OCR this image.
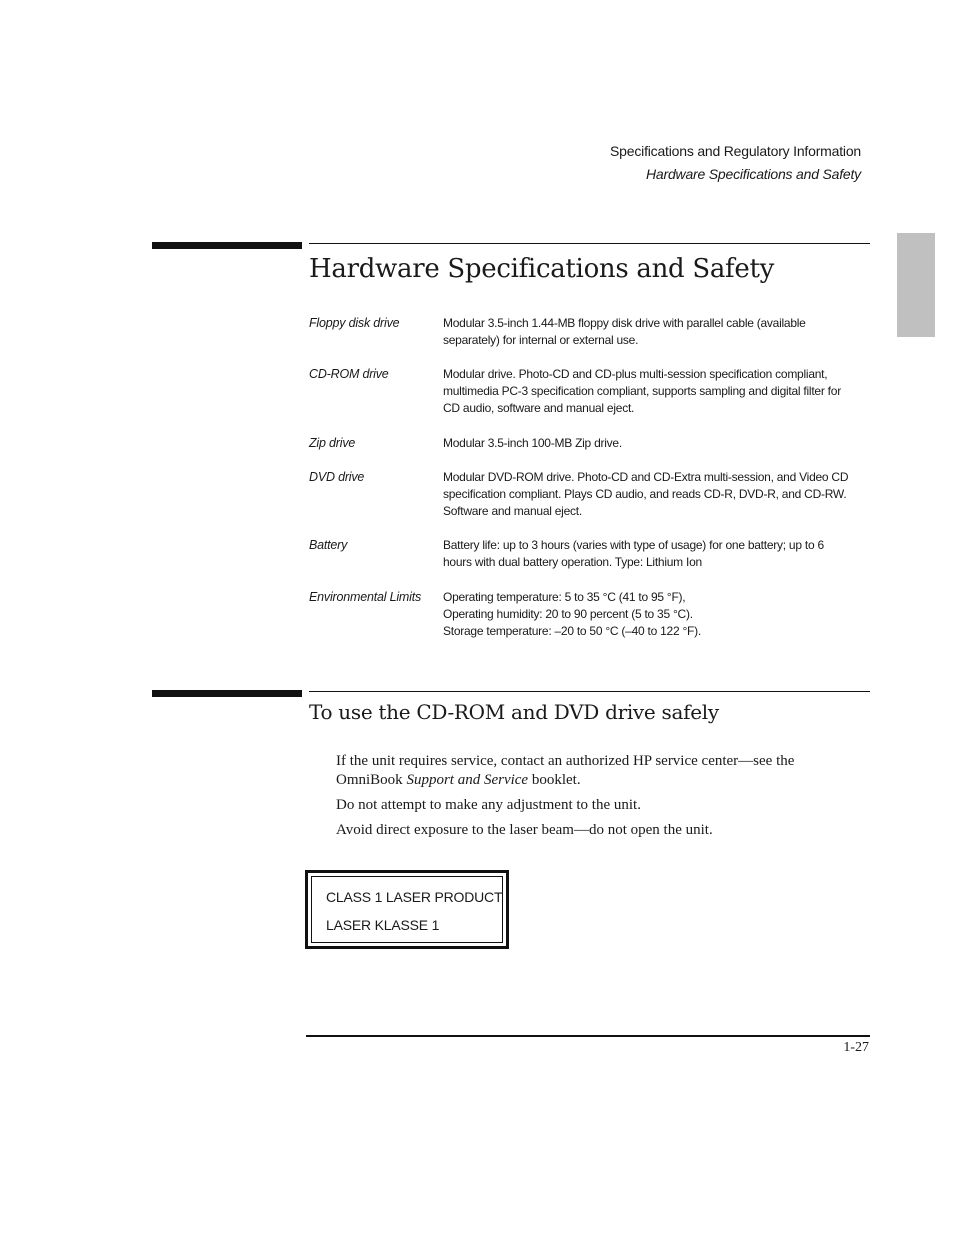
Specifications and Regulatory Information
Hardware Specifications and Safety
Hardware Specifications and Safety
Floppy disk drive	Modular 3.5-inch 1.44-MB floppy disk drive with parallel cable (available
separately) for internal or external use.
CD-ROM drive	Modular drive. Photo-CD and CD-plus multi-session specification compliant,
multimedia PC-3 specification compliant, supports sampling and digital filter for
CD audio, software and manual eject.
Zip drive	Modular 3.5-inch 100-MB Zip drive.
DVD drive	Modular DVD-ROM drive. Photo-CD and CD-Extra multi-session, and Video CD
specification compliant. Plays CD audio, and reads CD-R, DVD-R, and CD-RW.
Software and manual eject.
Battery	Battery life: up to 3 hours (varies with type of usage) for one battery; up to 6
hours with dual battery operation. Type: Lithium Ion
Environmental Limits	Operating temperature: 5 to 35 °C (41 to 95 °F),
Operating humidity: 20 to 90 percent (5 to 35 °C).
Storage temperature: –20 to 50 °C (–40 to 122 °F).
To use the CD-ROM and DVD drive safely
If the unit requires service, contact an authorized HP service center—see the
OmniBook Support and Service booklet.
Do not attempt to make any adjustment to the unit.
Avoid direct exposure to the laser beam—do not open the unit.
CLASS 1 LASER PRODUCT
LASER KLASSE 1
1-27
